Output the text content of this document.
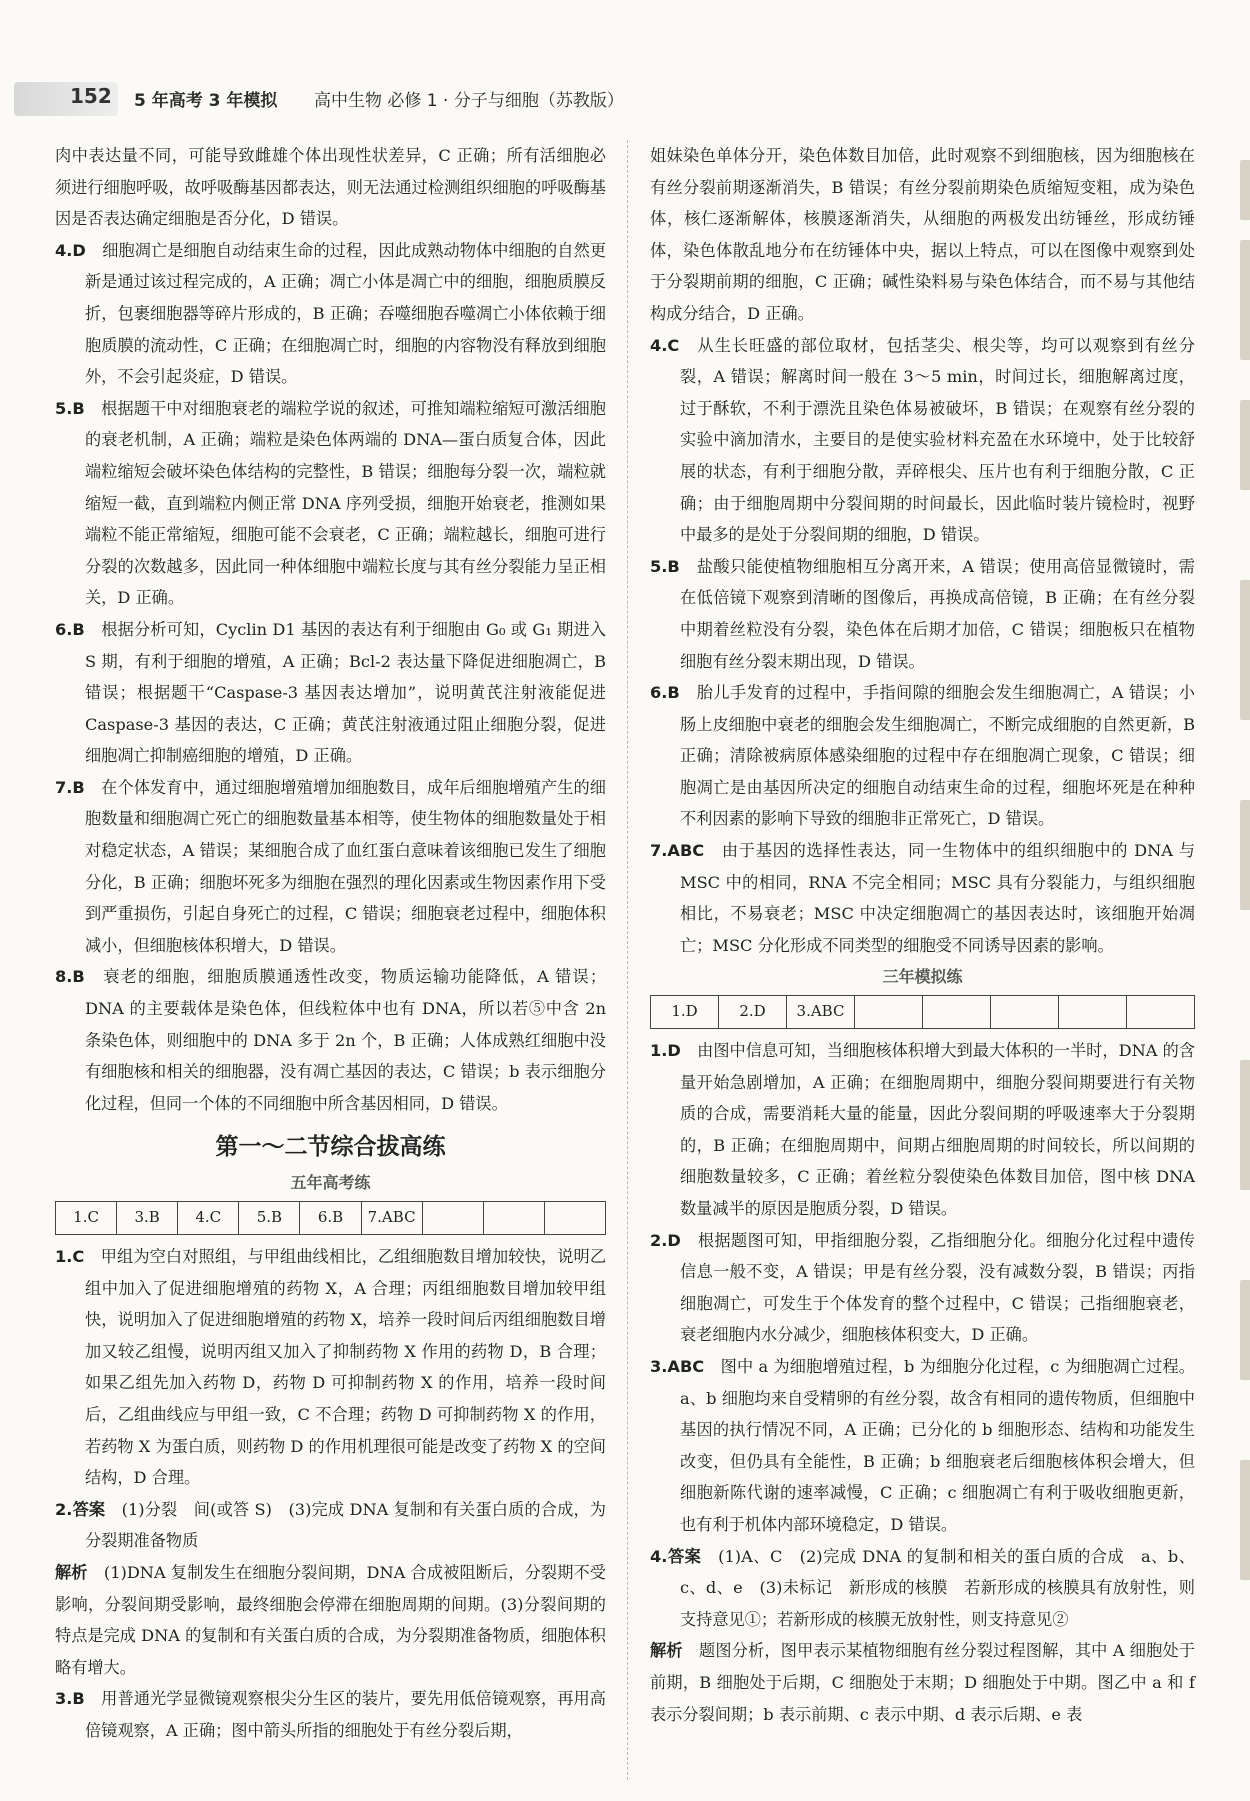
152 5 年高考 3 年模拟 高中生物 必修 1 · 分子与细胞（苏教版）

肉中表达量不同，可能导致雌雄个体出现性状差异，C 正确；所有活细胞必须进行细胞呼吸，故呼吸酶基因都表达，则无法通过检测组织细胞的呼吸酶基因是否表达确定细胞是否分化，D 错误。

4.D　 细胞凋亡是细胞自动结束生命的过程，因此成熟动物体中细胞的自然更新是通过该过程完成的，A 正确；凋亡小体是凋亡中的细胞，细胞质膜反折，包裹细胞器等碎片形成的，B 正确；吞噬细胞吞噬凋亡小体依赖于细胞质膜的流动性，C 正确；在细胞凋亡时，细胞的内容物没有释放到细胞外，不会引起炎症，D 错误。

5.B　 根据题干中对细胞衰老的端粒学说的叙述，可推知端粒缩短可激活细胞的衰老机制，A 正确；端粒是染色体两端的 DNA—蛋白质复合体，因此端粒缩短会破坏染色体结构的完整性，B 错误；细胞每分裂一次，端粒就缩短一截，直到端粒内侧正常 DNA 序列受损，细胞开始衰老，推测如果端粒不能正常缩短，细胞可能不会衰老，C 正确；端粒越长，细胞可进行分裂的次数越多，因此同一种体细胞中端粒长度与其有丝分裂能力呈正相关，D 正确。

6.B　 根据分析可知，Cyclin D1 基因的表达有利于细胞由 G₀ 或 G₁ 期进入 S 期，有利于细胞的增殖，A 正确；Bcl-2 表达量下降促进细胞凋亡，B 错误；根据题干“Caspase-3 基因表达增加”，说明黄芪注射液能促进 Caspase-3 基因的表达，C 正确；黄芪注射液通过阻止细胞分裂，促进细胞凋亡抑制癌细胞的增殖，D 正确。

7.B　 在个体发育中，通过细胞增殖增加细胞数目，成年后细胞增殖产生的细胞数量和细胞凋亡死亡的细胞数量基本相等，使生物体的细胞数量处于相对稳定状态，A 错误；某细胞合成了血红蛋白意味着该细胞已发生了细胞分化，B 正确；细胞坏死多为细胞在强烈的理化因素或生物因素作用下受到严重损伤，引起自身死亡的过程，C 错误；细胞衰老过程中，细胞体积减小，但细胞核体积增大，D 错误。

8.B　 衰老的细胞，细胞质膜通透性改变，物质运输功能降低，A 错误；DNA 的主要载体是染色体，但线粒体中也有 DNA，所以若⑤中含 2n 条染色体，则细胞中的 DNA 多于 2n 个，B 正确；人体成熟红细胞中没有细胞核和相关的细胞器，没有凋亡基因的表达，C 错误；b 表示细胞分化过程，但同一个体的不同细胞中所含基因相同，D 错误。

第一～二节综合拔高练
五年高考练
1.C	3.B	4.C	5.B	6.B	7.ABC			

1.C　 甲组为空白对照组，与甲组曲线相比，乙组细胞数目增加较快，说明乙组中加入了促进细胞增殖的药物 X，A 合理；丙组细胞数目增加较甲组快，说明加入了促进细胞增殖的药物 X，培养一段时间后丙组细胞数目增加又较乙组慢，说明丙组又加入了抑制药物 X 作用的药物 D，B 合理；如果乙组先加入药物 D，药物 D 可抑制药物 X 的作用，培养一段时间后，乙组曲线应与甲组一致，C 不合理；药物 D 可抑制药物 X 的作用，若药物 X 为蛋白质，则药物 D 的作用机理很可能是改变了药物 X 的空间结构，D 合理。

2.答案　 (1)分裂　间(或答 S)　(3)完成 DNA 复制和有关蛋白质的合成，为分裂期准备物质

解析　 (1)DNA 复制发生在细胞分裂间期，DNA 合成被阻断后，分裂期不受影响，分裂间期受影响，最终细胞会停滞在细胞周期的间期。(3)分裂间期的特点是完成 DNA 的复制和有关蛋白质的合成，为分裂期准备物质，细胞体积略有增大。

3.B　 用普通光学显微镜观察根尖分生区的装片，要先用低倍镜观察，再用高倍镜观察，A 正确；图中箭头所指的细胞处于有丝分裂后期，

姐妹染色单体分开，染色体数目加倍，此时观察不到细胞核，因为细胞核在有丝分裂前期逐渐消失，B 错误；有丝分裂前期染色质缩短变粗，成为染色体，核仁逐渐解体，核膜逐渐消失，从细胞的两极发出纺锤丝，形成纺锤体，染色体散乱地分布在纺锤体中央，据以上特点，可以在图像中观察到处于分裂期前期的细胞，C 正确；碱性染料易与染色体结合，而不易与其他结构成分结合，D 正确。

4.C　 从生长旺盛的部位取材，包括茎尖、根尖等，均可以观察到有丝分裂，A 错误；解离时间一般在 3～5 min，时间过长，细胞解离过度，过于酥软，不利于漂洗且染色体易被破坏，B 错误；在观察有丝分裂的实验中滴加清水，主要目的是使实验材料充盈在水环境中，处于比较舒展的状态，有利于细胞分散，弄碎根尖、压片也有利于细胞分散，C 正确；由于细胞周期中分裂间期的时间最长，因此临时装片镜检时，视野中最多的是处于分裂间期的细胞，D 错误。

5.B　 盐酸只能使植物细胞相互分离开来，A 错误；使用高倍显微镜时，需在低倍镜下观察到清晰的图像后，再换成高倍镜，B 正确；在有丝分裂中期着丝粒没有分裂，染色体在后期才加倍，C 错误；细胞板只在植物细胞有丝分裂末期出现，D 错误。

6.B　 胎儿手发育的过程中，手指间隙的细胞会发生细胞凋亡，A 错误；小肠上皮细胞中衰老的细胞会发生细胞凋亡，不断完成细胞的自然更新，B 正确；清除被病原体感染细胞的过程中存在细胞凋亡现象，C 错误；细胞凋亡是由基因所决定的细胞自动结束生命的过程，细胞坏死是在种种不利因素的影响下导致的细胞非正常死亡，D 错误。

7.ABC　 由于基因的选择性表达，同一生物体中的组织细胞中的 DNA 与 MSC 中的相同，RNA 不完全相同；MSC 具有分裂能力，与组织细胞相比，不易衰老；MSC 中决定细胞凋亡的基因表达时，该细胞开始凋亡；MSC 分化形成不同类型的细胞受不同诱导因素的影响。

三年模拟练
1.D	2.D	3.ABC					

1.D　 由图中信息可知，当细胞核体积增大到最大体积的一半时，DNA 的含量开始急剧增加，A 正确；在细胞周期中，细胞分裂间期要进行有关物质的合成，需要消耗大量的能量，因此分裂间期的呼吸速率大于分裂期的，B 正确；在细胞周期中，间期占细胞周期的时间较长，所以间期的细胞数量较多，C 正确；着丝粒分裂使染色体数目加倍，图中核 DNA 数量减半的原因是胞质分裂，D 错误。

2.D　 根据题图可知，甲指细胞分裂，乙指细胞分化。细胞分化过程中遗传信息一般不变，A 错误；甲是有丝分裂，没有减数分裂，B 错误；丙指细胞凋亡，可发生于个体发育的整个过程中，C 错误；己指细胞衰老，衰老细胞内水分减少，细胞核体积变大，D 正确。

3.ABC　 图中 a 为细胞增殖过程，b 为细胞分化过程，c 为细胞凋亡过程。a、b 细胞均来自受精卵的有丝分裂，故含有相同的遗传物质，但细胞中基因的执行情况不同，A 正确；已分化的 b 细胞形态、结构和功能发生改变，但仍具有全能性，B 正确；b 细胞衰老后细胞核体积会增大，但细胞新陈代谢的速率减慢，C 正确；c 细胞凋亡有利于吸收细胞更新，也有利于机体内部环境稳定，D 错误。

4.答案　 (1)A、C　(2)完成 DNA 的复制和相关的蛋白质的合成　a、b、c、d、e　(3)未标记　新形成的核膜　若新形成的核膜具有放射性，则支持意见①；若新形成的核膜无放射性，则支持意见②

解析　 题图分析，图甲表示某植物细胞有丝分裂过程图解，其中 A 细胞处于前期，B 细胞处于后期，C 细胞处于末期；D 细胞处于中期。图乙中 a 和 f 表示分裂间期；b 表示前期、c 表示中期、d 表示后期、e 表
